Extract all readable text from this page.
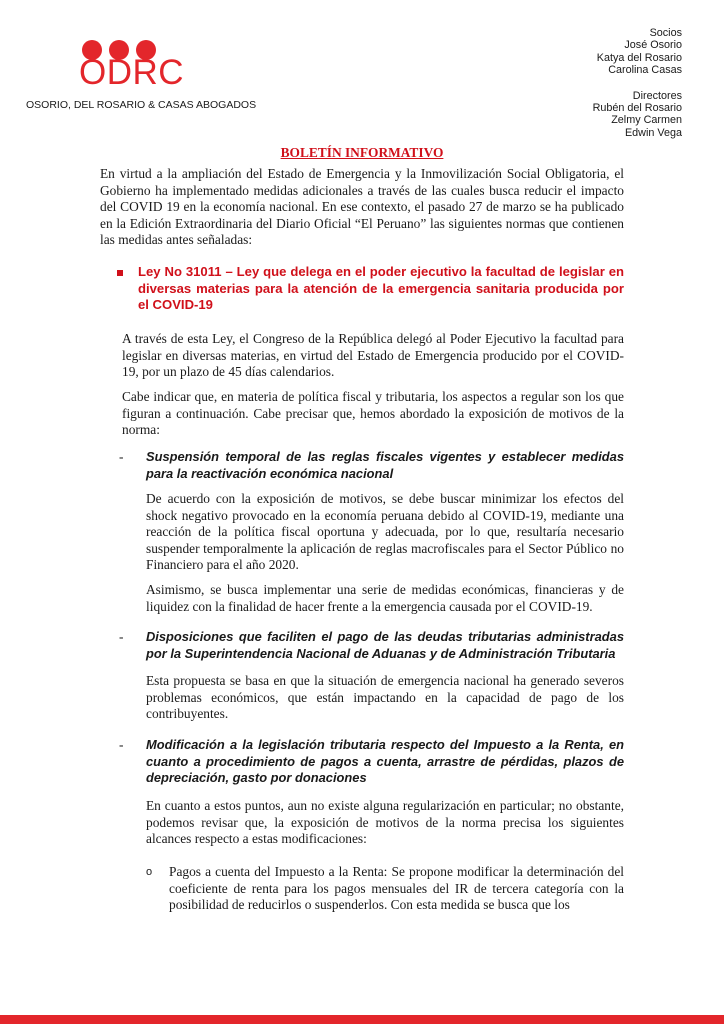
ODRC
OSORIO, DEL ROSARIO & CASAS ABOGADOS
Socios
José Osorio
Katya del Rosario
Carolina Casas
Directores
Rubén del Rosario
Zelmy Carmen
Edwin Vega
BOLETÍN INFORMATIVO

En virtud a la ampliación del Estado de Emergencia y la Inmovilización Social Obligatoria, el Gobierno ha implementado medidas adicionales a través de las cuales busca reducir el impacto del COVID 19 en la economía nacional. En ese contexto, el pasado 27 de marzo se ha publicado en la Edición Extraordinaria del Diario Oficial “El Peruano” las siguientes normas que contienen las medidas antes señaladas:

Ley No 31011 – Ley que delega en el poder ejecutivo la facultad de legislar en diversas materias para la atención de la emergencia sanitaria producida por el COVID-19

A través de esta Ley, el Congreso de la República delegó al Poder Ejecutivo la facultad para legislar en diversas materias, en virtud del Estado de Emergencia producido por el COVID-19, por un plazo de 45 días calendarios.

Cabe indicar que, en materia de política fiscal y tributaria, los aspectos a regular son los que figuran a continuación. Cabe precisar que, hemos abordado la exposición de motivos de la norma:

- Suspensión temporal de las reglas fiscales vigentes y establecer medidas para la reactivación económica nacional

De acuerdo con la exposición de motivos, se debe buscar minimizar los efectos del shock negativo provocado en la economía peruana debido al COVID-19, mediante una reacción de la política fiscal oportuna y adecuada, por lo que, resultaría necesario suspender temporalmente la aplicación de reglas macrofiscales para el Sector Público no Financiero para el año 2020.

Asimismo, se busca implementar una serie de medidas económicas, financieras y de liquidez con la finalidad de hacer frente a la emergencia causada por el COVID-19.

- Disposiciones que faciliten el pago de las deudas tributarias administradas por la Superintendencia Nacional de Aduanas y de Administración Tributaria

Esta propuesta se basa en que la situación de emergencia nacional ha generado severos problemas económicos, que están impactando en la capacidad de pago de los contribuyentes.

- Modificación a la legislación tributaria respecto del Impuesto a la Renta, en cuanto a procedimiento de pagos a cuenta, arrastre de pérdidas, plazos de depreciación, gasto por donaciones

En cuanto a estos puntos, aun no existe alguna regularización en particular; no obstante, podemos revisar que, la exposición de motivos de la norma precisa los siguientes alcances respecto a estas modificaciones:

o Pagos a cuenta del Impuesto a la Renta: Se propone modificar la determinación del coeficiente de renta para los pagos mensuales del IR de tercera categoría con la posibilidad de reducirlos o suspenderlos. Con esta medida se busca que los
